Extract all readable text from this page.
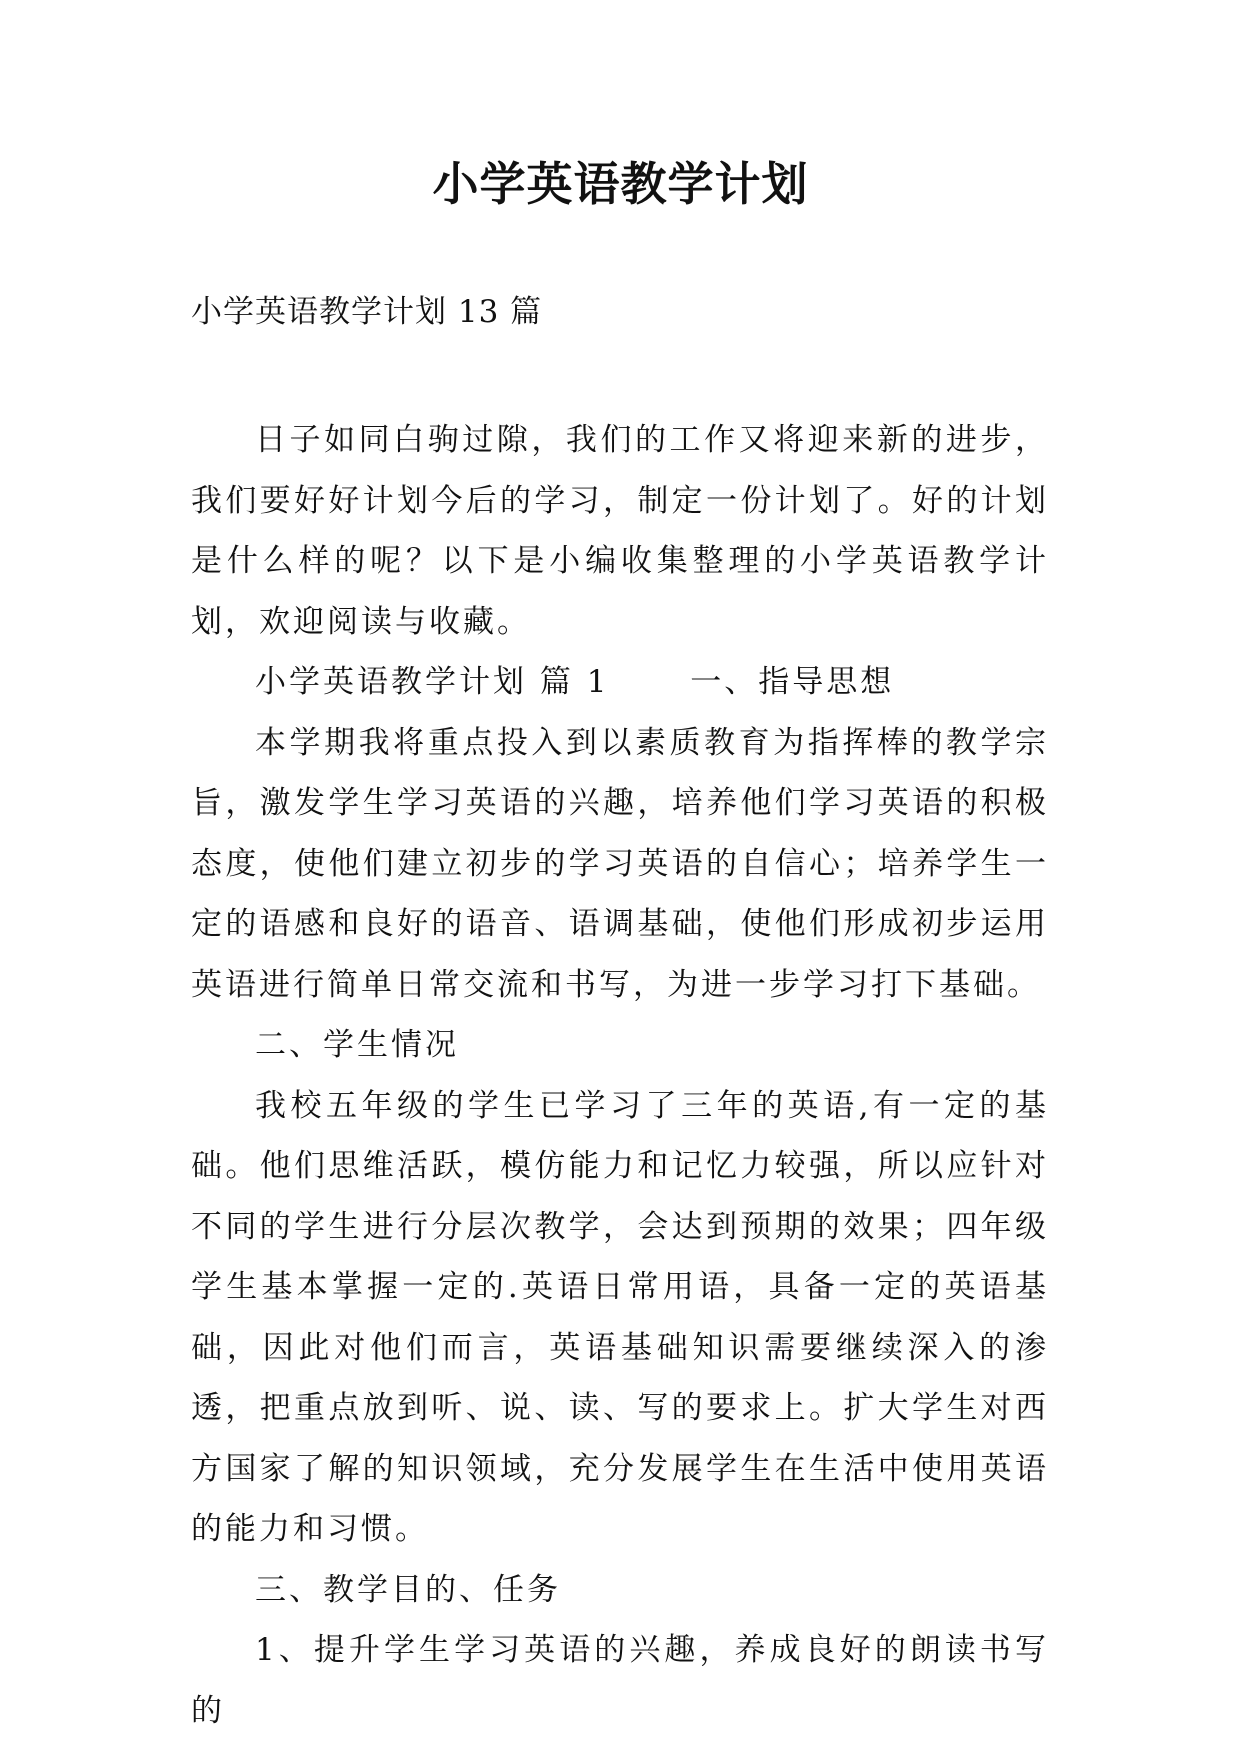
小学英语教学计划
小学英语教学计划 13 篇

日子如同白驹过隙，我们的工作又将迎来新的进步，我们要好好计划今后的学习，制定一份计划了。好的计划是什么样的呢？以下是小编收集整理的小学英语教学计划，欢迎阅读与收藏。

小学英语教学计划 篇 1　　 一、指导思想

本学期我将重点投入到以素质教育为指挥棒的教学宗旨，激发学生学习英语的兴趣，培养他们学习英语的积极态度，使他们建立初步的学习英语的自信心；培养学生一定的语感和良好的语音、语调基础，使他们形成初步运用英语进行简单日常交流和书写，为进一步学习打下基础。

二、学生情况

我校五年级的学生已学习了三年的英语,有一定的基础。他们思维活跃，模仿能力和记忆力较强，所以应针对不同的学生进行分层次教学，会达到预期的效果；四年级学生基本掌握一定的.英语日常用语，具备一定的英语基础，因此对他们而言，英语基础知识需要继续深入的渗透，把重点放到听、说、读、写的要求上。扩大学生对西方国家了解的知识领域，充分发展学生在生活中使用英语的能力和习惯。

三、教学目的、任务

1、提升学生学习英语的兴趣，养成良好的朗读书写的
